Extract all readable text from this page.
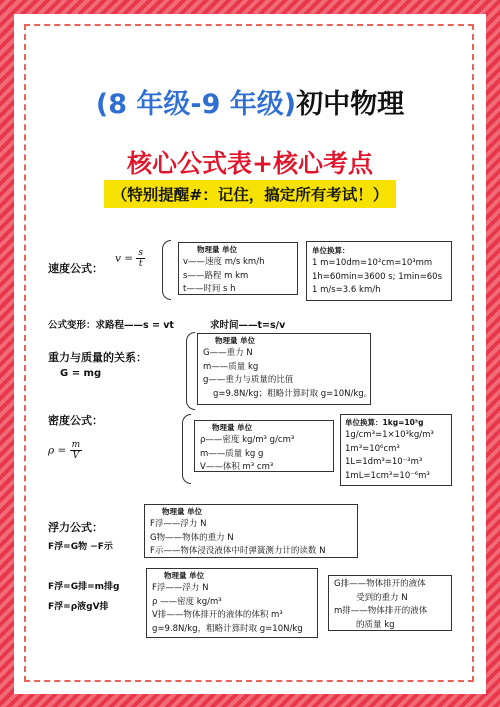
(8 年级-9 年级)初中物理
核心公式表+核心考点
（特别提醒#：记住，搞定所有考试！）
速度公式：
$v = \frac{s}{t}$	物理量 单位
v——速度 m/s km/h
s——路程 m km
t——时间 s h
单位换算：
1 m=10dm=10²cm=10³mm
1h=60min=3600 s; 1min=60s
1 m/s=3.6 km/h
公式变形：求路程——s = vt	求时间——t=s/v
重力与质量的关系：
G = mg
物理量 单位
G——重力 N
m——质量 kg
g——重力与质量的比值
g=9.8N/kg；粗略计算时取 g=10N/kg。
密度公式：
$\rho = \frac{m}{V}$
物理量 单位
ρ——密度 kg/m³ g/cm³
m——质量 kg g
V——体积 m³ cm³
单位换算：1kg=10³g
1g/cm³=1×10³kg/m³
1m³=10⁶cm³
1L=1dm³=10⁻³m³
1mL=1cm³=10⁻⁶m³
浮力公式：
F浮=G物 −F示
物理量 单位
F浮——浮力 N
G物——物体的重力 N
F示——物体浸没液体中时弹簧测力计的读数 N
F浮=G排=m排g
F浮=ρ液gV排
物理量 单位
F浮——浮力 N
ρ ——密度 kg/m³
V排——物体排开的液体的体积 m³
g=9.8N/kg，粗略计算时取 g=10N/kg
G排——物体排开的液体
受到的重力 N
m排——物体排开的液体
的质量 kg
